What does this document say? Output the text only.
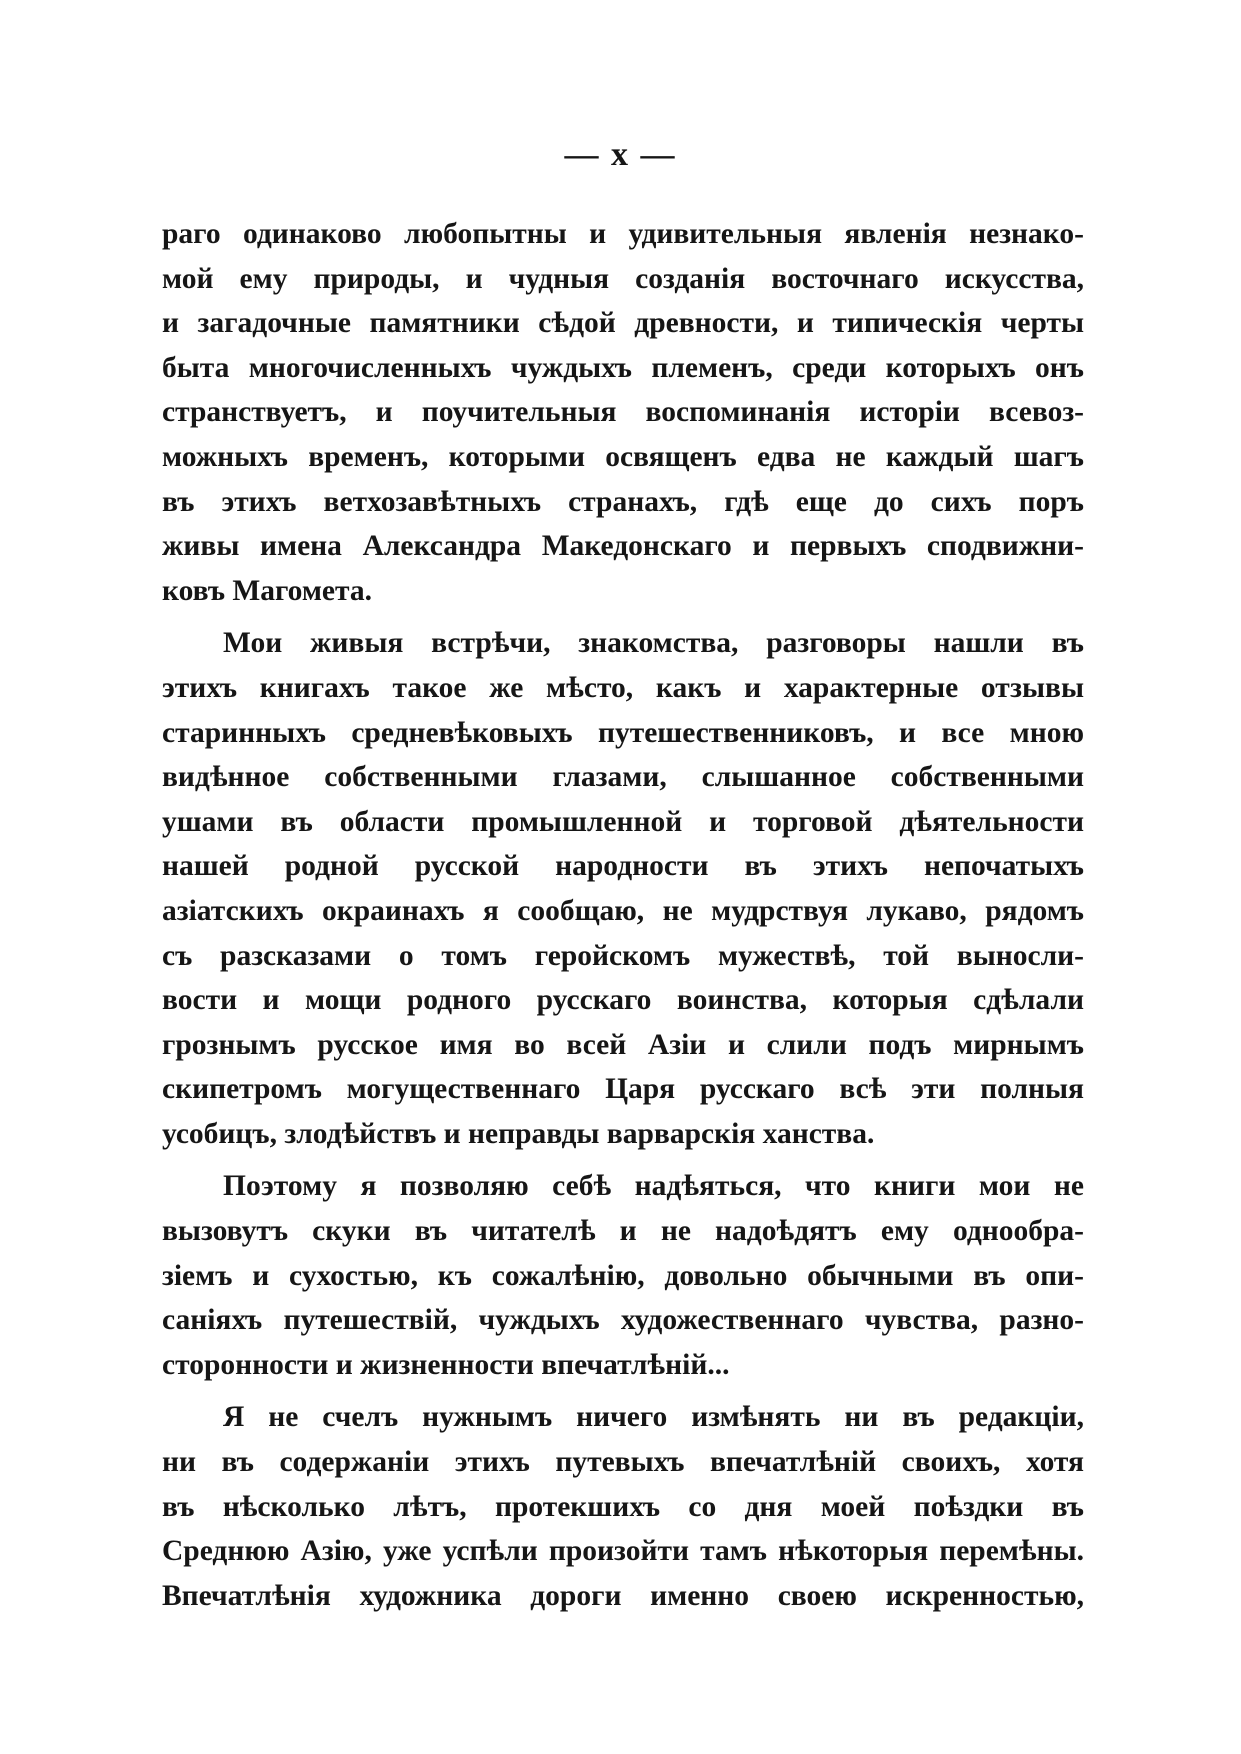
— x —
раго одинаково любопытны и удивительныя явленія незнако-
мой ему природы, и чудныя созданія восточнаго искусства,
и загадочные памятники сѣдой древности, и типическія черты
быта многочисленныхъ чуждыхъ племенъ, среди которыхъ онъ
странствуетъ, и поучительныя воспоминанія исторіи всевоз-
можныхъ временъ, которыми освященъ едва не каждый шагъ
въ этихъ ветхозавѣтныхъ странахъ, гдѣ еще до сихъ поръ
живы имена Александра Македонскаго и первыхъ сподвижни-
ковъ Магомета.
Мои живыя встрѣчи, знакомства, разговоры нашли въ
этихъ книгахъ такое же мѣсто, какъ и характерные отзывы
старинныхъ средневѣковыхъ путешественниковъ, и все мною
видѣнное собственными глазами, слышанное собственными
ушами въ области промышленной и торговой дѣятельности
нашей родной русской народности въ этихъ непочатыхъ
азіатскихъ окраинахъ я сообщаю, не мудрствуя лукаво, рядомъ
съ разсказами о томъ геройскомъ мужествѣ, той выносли-
вости и мощи родного русскаго воинства, которыя сдѣлали
грознымъ русское имя во всей Азіи и слили подъ мирнымъ
скипетромъ могущественнаго Царя русскаго всѣ эти полныя
усобицъ, злодѣйствъ и неправды варварскія ханства.
Поэтому я позволяю себѣ надѣяться, что книги мои не
вызовутъ скуки въ читателѣ и не надоѣдятъ ему однообра-
зіемъ и сухостью, къ сожалѣнію, довольно обычными въ опи-
саніяхъ путешествій, чуждыхъ художественнаго чувства, разно-
сторонности и жизненности впечатлѣній...
Я не счелъ нужнымъ ничего измѣнять ни въ редакціи,
ни въ содержаніи этихъ путевыхъ впечатлѣній своихъ, хотя
въ нѣсколько лѣтъ, протекшихъ со дня моей поѣздки въ
Среднюю Азію, уже успѣли произойти тамъ нѣкоторыя перемѣны.
Впечатлѣнія художника дороги именно своею искренностью,
